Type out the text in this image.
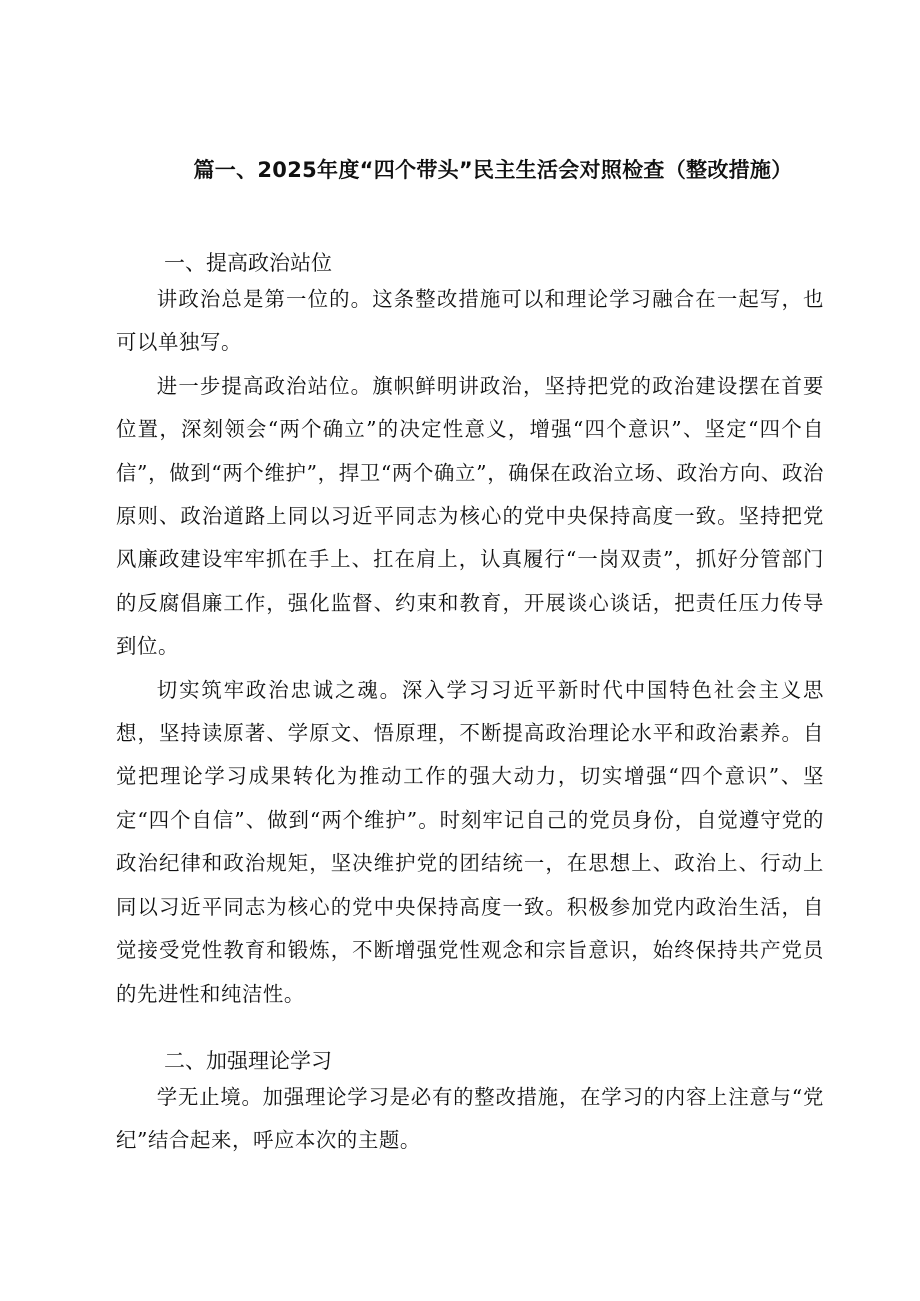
篇一、2025年度“四个带头”民主生活会对照检查（整改措施）
一、提高政治站位

讲政治总是第一位的。这条整改措施可以和理论学习融合在一起写，也可以单独写。

进一步提高政治站位。旗帜鲜明讲政治，坚持把党的政治建设摆在首要位置，深刻领会“两个确立”的决定性意义，增强“四个意识”、坚定“四个自信”，做到“两个维护”，捍卫“两个确立”，确保在政治立场、政治方向、政治原则、政治道路上同以习近平同志为核心的党中央保持高度一致。坚持把党风廉政建设牢牢抓在手上、扛在肩上，认真履行“一岗双责”，抓好分管部门的反腐倡廉工作，强化监督、约束和教育，开展谈心谈话，把责任压力传导到位。

切实筑牢政治忠诚之魂。深入学习习近平新时代中国特色社会主义思想，坚持读原著、学原文、悟原理，不断提高政治理论水平和政治素养。自觉把理论学习成果转化为推动工作的强大动力，切实增强“四个意识”、坚定“四个自信”、做到“两个维护”。时刻牢记自己的党员身份，自觉遵守党的政治纪律和政治规矩，坚决维护党的团结统一，在思想上、政治上、行动上同以习近平同志为核心的党中央保持高度一致。积极参加党内政治生活，自觉接受党性教育和锻炼，不断增强党性观念和宗旨意识，始终保持共产党员的先进性和纯洁性。

二、加强理论学习

学无止境。加强理论学习是必有的整改措施，在学习的内容上注意与“党纪”结合起来，呼应本次的主题。
